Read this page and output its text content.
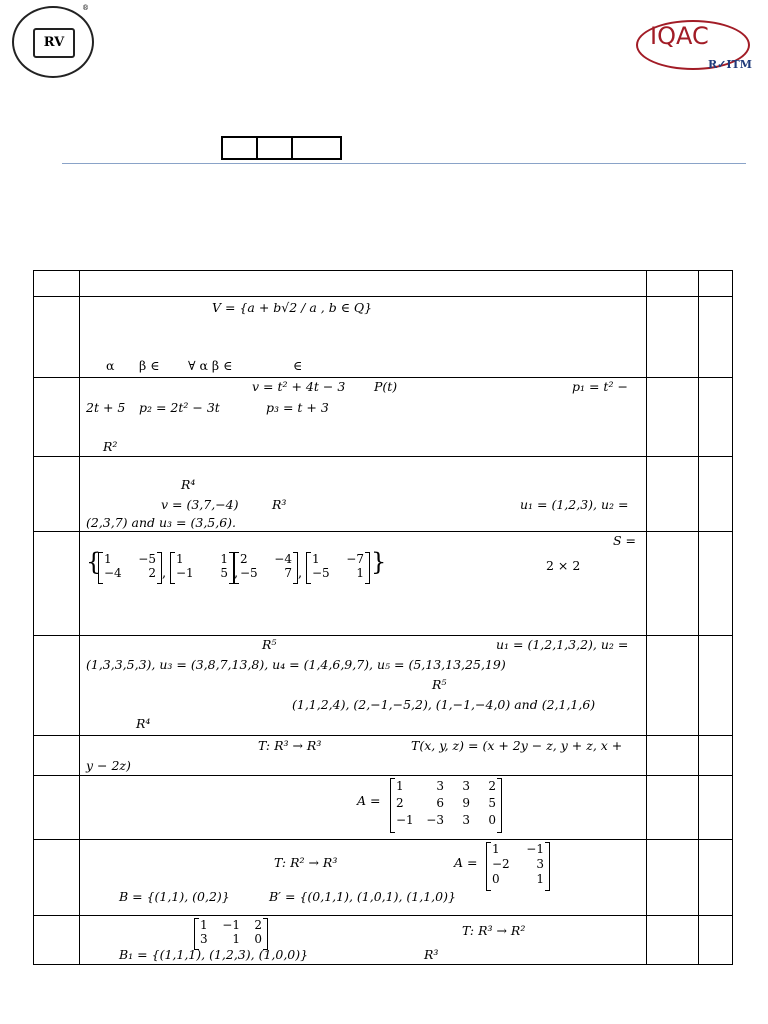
RV
®
IQAC
R✓ITM
V = {a + b√2 / a , b ∈ Q}
α β ∈ ∀ α β ∈	∈
v = t² + 4t − 3 P(t)	p₁ = t² −
2t + 5 p₂ = 2t² − 3t	p₃ = t + 3
R²
R⁴
v = (3,7,−4)	R³	u₁ = (1,2,3), u₂ =
(2,3,7) and u₃ = (3,5,6).
S =
2 × 2
{	}
1	−5
−4	2 ,
1	1
−1	5 ,
2	−4
−5	7 ,
1	−7
−5	1
R⁵	u₁ = (1,2,1,3,2), u₂ =
(1,3,3,5,3), u₃ = (3,8,7,13,8), u₄ = (1,4,6,9,7), u₅ = (5,13,13,25,19)
R⁵
(1,1,2,4), (2,−1,−5,2), (1,−1,−4,0) and (2,1,1,6)
R⁴
T: R³ → R³	T(x, y, z) = (x + 2y − z, y + z, x +
y − 2z)
A =
1	3	3	2
2	6	9	5
−1	−3	3	0
T: R² → R³	A =
1	−1
−2	3
0	1
B = {(1,1), (0,2)}	B′ = {(0,1,1), (1,0,1), (1,1,0)}
1	−1	2
3	1	0
T: R³ → R²
B₁ = {(1,1,1), (1,2,3), (1,0,0)}	R³
